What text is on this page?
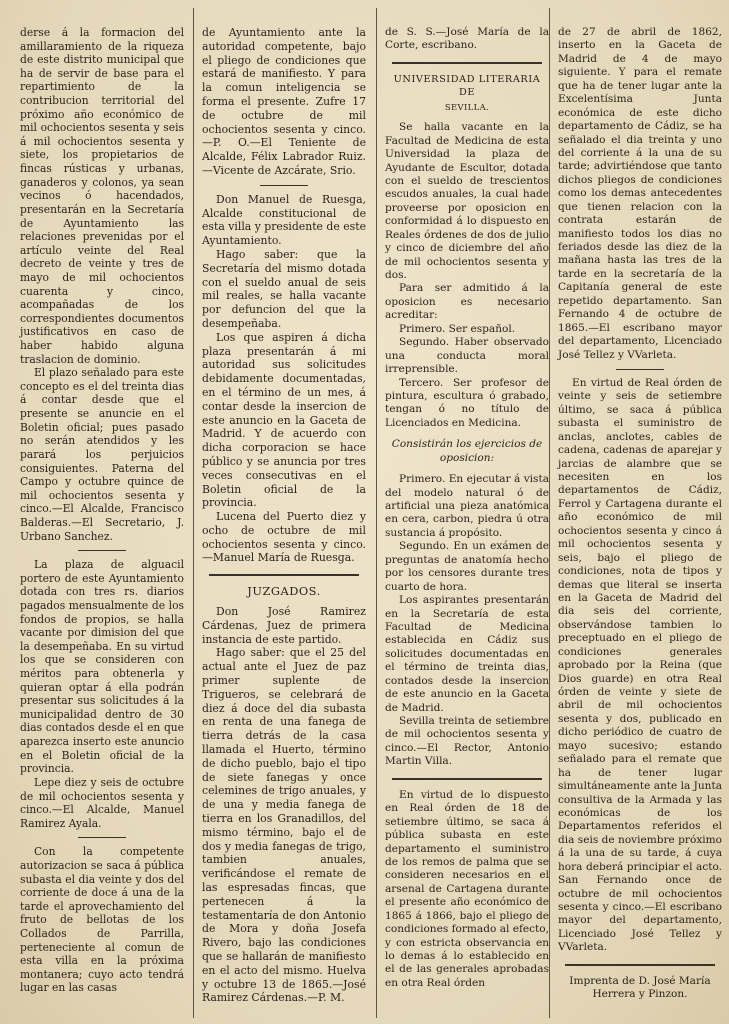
derse á la formacion del amillaramiento de la riqueza de este distrito municipal que ha de servir de base para el repartimiento de la contribucion territorial del próximo año económico de mil ochocientos sesenta y seis á mil ochocientos sesenta y siete, los propietarios de fincas rústicas y urbanas, ganaderos y colonos, ya sean vecinos ó hacendados, presentarán en la Secretaría de Ayuntamiento las relaciones prevenidas por el artículo veinte del Real decreto de veinte y tres de mayo de mil ochocientos cuarenta y cinco, acompañadas de los correspondientes documentos justificativos en caso de haber habido alguna traslacion de dominio.

El plazo señalado para este concepto es el del treinta dias á contar desde que el presente se anuncie en el Boletin oficial; pues pasado no serán atendidos y les parará los perjuicios consiguientes. Paterna del Campo y octubre quince de mil ochocientos sesenta y cinco.—El Alcalde, Francisco Balderas.—El Secretario, J. Urbano Sanchez.

La plaza de alguacil portero de este Ayuntamiento dotada con tres rs. diarios pagados mensualmente de los fondos de propios, se halla vacante por dimision del que la desempeñaba. En su virtud los que se consideren con méritos para obtenerla y quieran optar á ella podrán presentar sus solicitudes á la municipalidad dentro de 30 dias contados desde el en que aparezca inserto este anuncio en el Boletin oficial de la provincia.

Lepe diez y seis de octubre de mil ochocientos sesenta y cinco.—El Alcalde, Manuel Ramirez Ayala.

Con la competente autorizacion se saca á pública subasta el dia veinte y dos del corriente de doce á una de la tarde el aprovechamiento del fruto de bellotas de los Collados de Parrilla, perteneciente al comun de esta villa en la próxima montanera; cuyo acto tendrá lugar en las casas

de Ayuntamiento ante la autoridad competente, bajo el pliego de condiciones que estará de manifiesto. Y para la comun inteligencia se forma el presente. Zufre 17 de octubre de mil ochocientos sesenta y cinco.—P. O.—El Teniente de Alcalde, Félix Labrador Ruiz.—Vicente de Azcárate, Srio.

Don Manuel de Ruesga, Alcalde constitucional de esta villa y presidente de este Ayuntamiento.

Hago saber: que la Secretaría del mismo dotada con el sueldo anual de seis mil reales, se halla vacante por defuncion del que la desempeñaba.

Los que aspiren á dicha plaza presentarán á mi autoridad sus solicitudes debidamente documentadas, en el término de un mes, á contar desde la insercion de este anuncio en la Gaceta de Madrid. Y de acuerdo con dicha corporacion se hace público y se anuncia por tres veces consecutivas en el Boletin oficial de la provincia.

Lucena del Puerto diez y ocho de octubre de mil ochocientos sesenta y cinco.—Manuel María de Ruesga.

JUZGADOS.

Don José Ramirez Cárdenas, Juez de primera instancia de este partido.

Hago saber: que el 25 del actual ante el Juez de paz primer suplente de Trigueros, se celebrará de diez á doce del dia subasta en renta de una fanega de tierra detrás de la casa llamada el Huerto, término de dicho pueblo, bajo el tipo de siete fanegas y once celemines de trigo anuales, y de una y media fanega de tierra en los Granadillos, del mismo término, bajo el de dos y media fanegas de trigo, tambien anuales, verificándose el remate de las espresadas fincas, que pertenecen á la testamentaría de don Antonio de Mora y doña Josefa Rivero, bajo las condiciones que se hallarán de manifiesto en el acto del mismo. Huelva y octubre 13 de 1865.—José Ramirez Cárdenas.—P. M.

de S. S.—José María de la Corte, escribano.

UNIVERSIDAD LITERARIA DE
SEVILLA.

Se halla vacante en la Facultad de Medicina de esta Universidad la plaza de Ayudante de Escultor, dotada con el sueldo de trescientos escudos anuales, la cual hade proveerse por oposicion en conformidad á lo dispuesto en Reales órdenes de dos de julio y cinco de diciembre del año de mil ochocientos sesenta y dos.

Para ser admitido á la oposicion es necesario acreditar:

Primero. Ser español.

Segundo. Haber observado una conducta moral irreprensible.

Tercero. Ser profesor de pintura, escultura ó grabado, tengan ó no título de Licenciados en Medicina.

Consistirán los ejercicios de oposicion:

Primero. En ejecutar á vista del modelo natural ó de artificial una pieza anatómica en cera, carbon, piedra ú otra sustancia á propósito.

Segundo. En un exámen de preguntas de anatomía hecho por los censores durante tres cuarto de hora.

Los aspirantes presentarán en la Secretaría de esta Facultad de Medicina establecida en Cádiz sus solicitudes documentadas en el término de treinta dias, contados desde la insercion de este anuncio en la Gaceta de Madrid.

Sevilla treinta de setiembre de mil ochocientos sesenta y cinco.—El Rector, Antonio Martin Villa.

En virtud de lo dispuesto en Real órden de 18 de setiembre último, se saca á pública subasta en este departamento el suministro de los remos de palma que se consideren necesarios en el arsenal de Cartagena durante el presente año económico de 1865 á 1866, bajo el pliego de condiciones formado al efecto, y con estricta observancia en lo demas á lo establecido en el de las generales aprobadas en otra Real órden

de 27 de abril de 1862, inserto en la Gaceta de Madrid de 4 de mayo siguiente. Y para el remate que ha de tener lugar ante la Excelentísima Junta económica de este dicho departamento de Cádiz, se ha señalado el dia treinta y uno del corriente á la una de su tarde; advirtiéndose que tanto dichos pliegos de condiciones como los demas antecedentes que tienen relacion con la contrata estarán de manifiesto todos los dias no feriados desde las diez de la mañana hasta las tres de la tarde en la secretaría de la Capitanía general de este repetido departamento. San Fernando 4 de octubre de 1865.—El escribano mayor del departamento, Licenciado José Tellez y VVarleta.

En virtud de Real órden de veinte y seis de setiembre último, se saca á pública subasta el suministro de anclas, anclotes, cables de cadena, cadenas de aparejar y jarcias de alambre que se necesiten en los departamentos de Cádiz, Ferrol y Cartagena durante el año económico de mil ochocientos sesenta y cinco á mil ochocientos sesenta y seis, bajo el pliego de condiciones, nota de tipos y demas que literal se inserta en la Gaceta de Madrid del dia seis del corriente, observándose tambien lo preceptuado en el pliego de condiciones generales aprobado por la Reina (que Dios guarde) en otra Real órden de veinte y siete de abril de mil ochocientos sesenta y dos, publicado en dicho periódico de cuatro de mayo sucesivo; estando señalado para el remate que ha de tener lugar simultáneamente ante la Junta consultiva de la Armada y las económicas de los Departamentos referidos el dia seis de noviembre próximo á la una de su tarde, á cuya hora deberá principiar el acto. San Fernando once de octubre de mil ochocientos sesenta y cinco.—El escribano mayor del departamento, Licenciado José Tellez y VVarleta.

Imprenta de D. José María Herrera y Pinzon.
